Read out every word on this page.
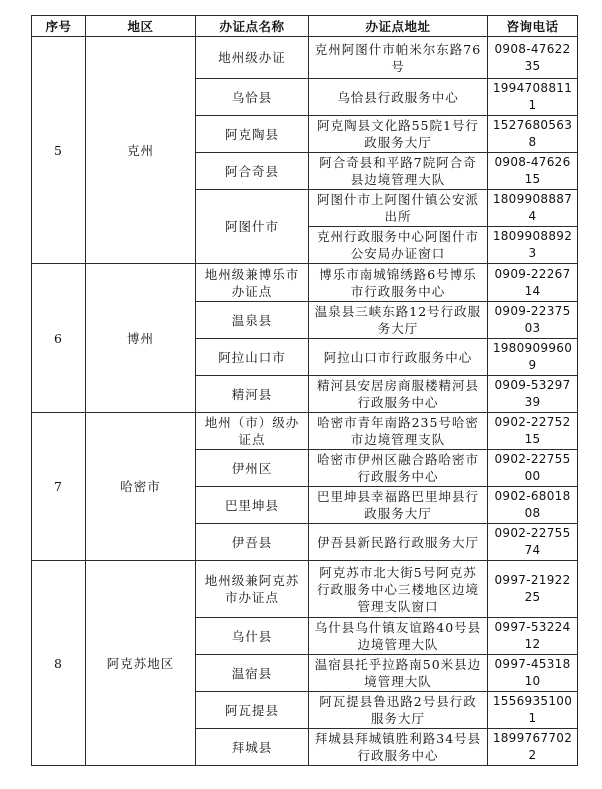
序号	地区	办证点名称	办证点地址	咨询电话
5	克州	地州级办证	克州阿图什市帕米尔东路76号	0908-4762235
		乌恰县	乌恰县行政服务中心	19947088111
		阿克陶县	阿克陶县文化路55院1号行政服务大厅	15276805638
		阿合奇县	阿合奇县和平路7院阿合奇县边境管理大队	0908-4762615
		阿图什市	阿图什市上阿图什镇公安派出所	18099088874
			克州行政服务中心阿图什市公安局办证窗口	18099088923
6	博州	地州级兼博乐市办证点	博乐市南城锦绣路6号博乐市行政服务中心	0909-2226714
		温泉县	温泉县三峡东路12号行政服务大厅	0909-2237503
		阿拉山口市	阿拉山口市行政服务中心	19809099609
		精河县	精河县安居房商服楼精河县行政服务中心	0909-5329739
7	哈密市	地州（市）级办证点	哈密市青年南路235号哈密市边境管理支队	0902-2275215
		伊州区	哈密市伊州区融合路哈密市行政服务中心	0902-2275500
		巴里坤县	巴里坤县幸福路巴里坤县行政服务大厅	0902-6801808
		伊吾县	伊吾县新民路行政服务大厅	0902-2275574
8	阿克苏地区	地州级兼阿克苏市办证点	阿克苏市北大街5号阿克苏行政服务中心三楼地区边境管理支队窗口	0997-2192225
		乌什县	乌什县乌什镇友谊路40号县边境管理大队	0997-5322412
		温宿县	温宿县托乎拉路南50米县边境管理大队	0997-4531810
		阿瓦提县	阿瓦提县鲁迅路2号县行政服务大厅	15569351001
		拜城县	拜城县拜城镇胜利路34号县行政服务中心	18997677022
